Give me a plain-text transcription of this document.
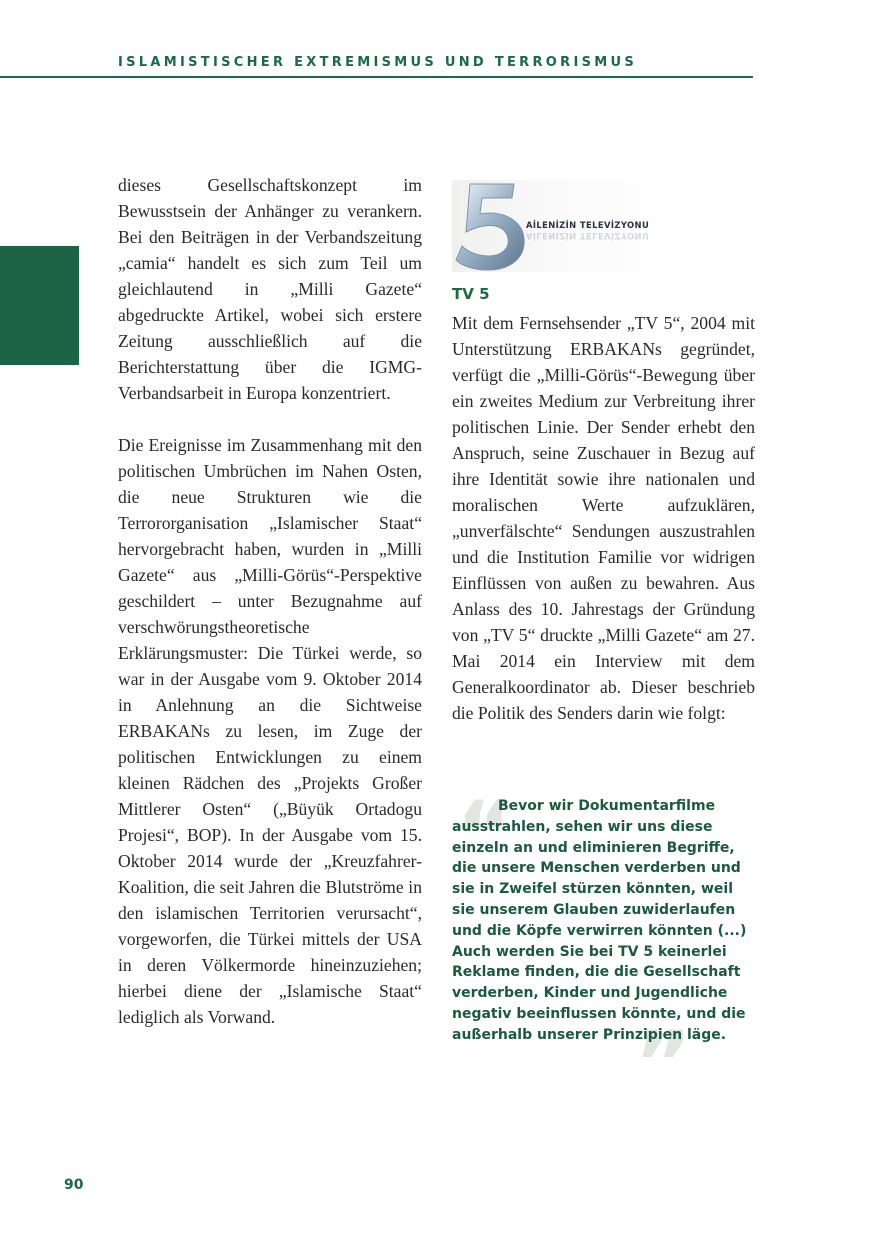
ISLAMISTISCHER EXTREMISMUS UND TERRORISMUS

dieses Gesellschaftskonzept im Bewusstsein der Anhänger zu verankern. Bei den Beiträgen in der Verbandszeitung „camia“ handelt es sich zum Teil um gleichlautend in „Milli Gazete“ abgedruckte Artikel, wobei sich erstere Zeitung ausschließlich auf die Berichterstattung über die IGMG-Verbandsarbeit in Europa konzentriert.

Die Ereignisse im Zusammenhang mit den politischen Umbrüchen im Nahen Osten, die neue Strukturen wie die Terrororganisation „Islamischer Staat“ hervorgebracht haben, wurden in „Milli Gazete“ aus „Milli-Görüs“-Perspektive geschildert – unter Bezugnahme auf verschwörungstheoretische Erklärungsmuster: Die Türkei werde, so war in der Ausgabe vom 9. Oktober 2014 in Anlehnung an die Sichtweise ERBAKANs zu lesen, im Zuge der politischen Entwicklungen zu einem kleinen Rädchen des „Projekts Großer Mittlerer Osten“ („Büyük Ortadogu Projesi“, BOP). In der Ausgabe vom 15. Oktober 2014 wurde der „Kreuzfahrer-Koalition, die seit Jahren die Blutströme in den islamischen Territorien verursacht“, vorgeworfen, die Türkei mittels der USA in deren Völkermorde hineinzuziehen; hierbei diene der „Islamische Staat“ lediglich als Vorwand.

AİLENİZİN TELEVİZYONU
AİLENİZİN TELEVİZYONU
TV 5

Mit dem Fernsehsender „TV 5“, 2004 mit Unterstützung ERBAKANs gegründet, verfügt die „Milli-Görüs“-Bewegung über ein zweites Medium zur Verbreitung ihrer politischen Linie. Der Sender erhebt den Anspruch, seine Zuschauer in Bezug auf ihre Identität sowie ihre nationalen und moralischen Werte aufzuklären, „unverfälschte“ Sendungen auszustrahlen und die Institution Familie vor widrigen Einflüssen von außen zu bewahren. Aus Anlass des 10. Jahrestags der Gründung von „TV 5“ druckte „Milli Gazete“ am 27. Mai 2014 ein Interview mit dem Generalkoordinator ab. Dieser beschrieb die Politik des Senders darin wie folgt:

“
”

Bevor wir Dokumentarfilme ausstrahlen, sehen wir uns diese einzeln an und eliminieren Begriffe, die unsere Menschen verderben und sie in Zweifel stürzen könnten, weil sie unserem Glauben zuwiderlaufen und die Köpfe verwirren könnten (...) Auch werden Sie bei TV 5 keinerlei Reklame finden, die die Gesellschaft verderben, Kinder und Jugendliche negativ beeinflussen könnte, und die außerhalb unserer Prinzipien läge.

90
